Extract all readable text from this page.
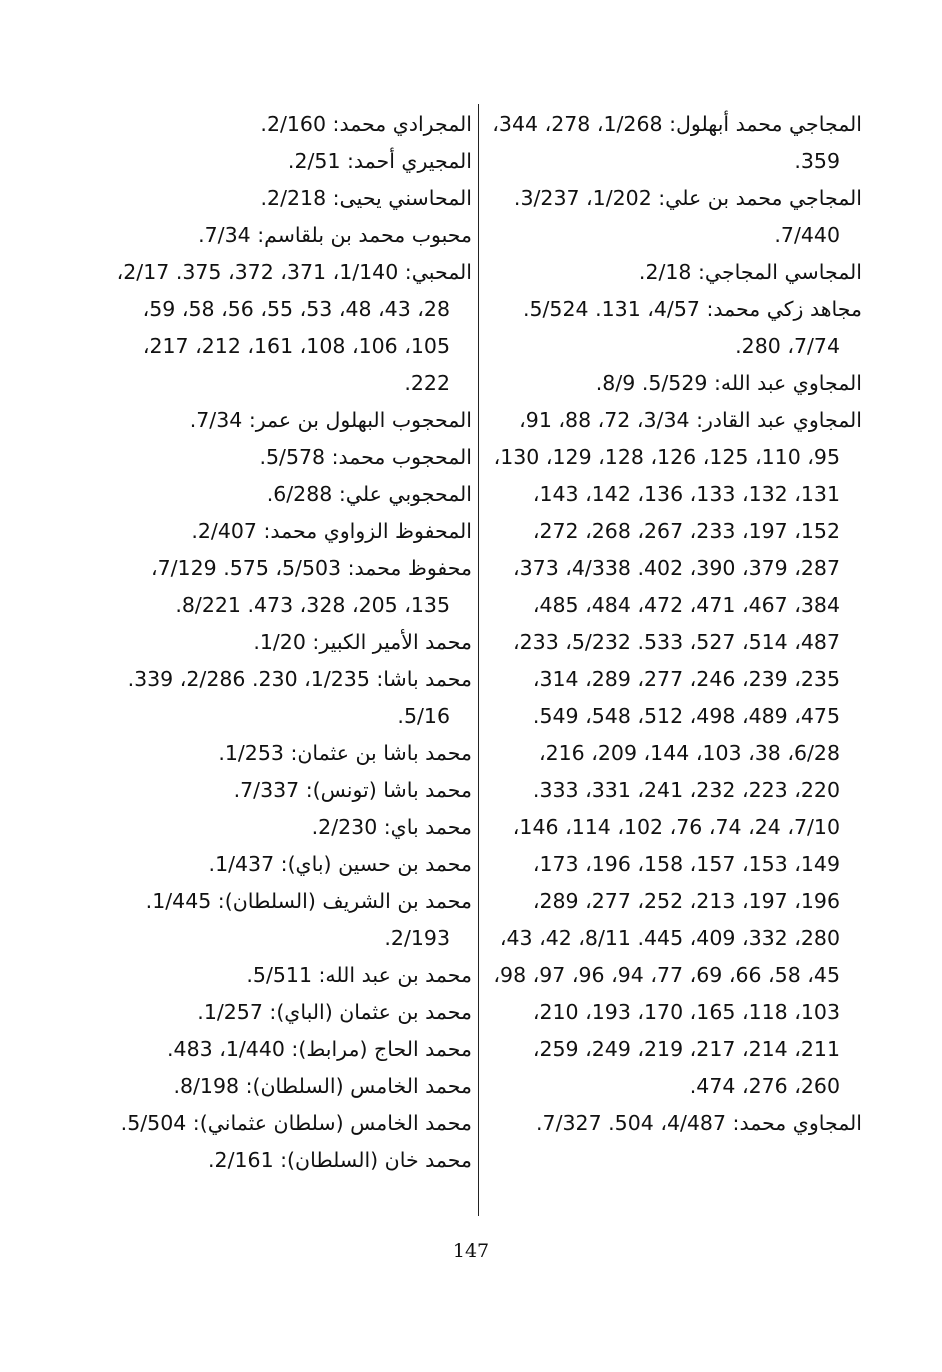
المجاجي محمد أبهلول: 1/268، 278، 344، 359.
المجاجي محمد بن علي: 1/202، 3/237. 7/440.
المجاسي المجاجي: 2/18.
مجاهد زكي محمد: 4/57، 131. 5/524. 7/74، 280.
المجاوي عبد الله: 5/529. 8/9.
المجاوي عبد القادر: 3/34، 72، 88، 91، 95، 110، 125، 126، 128، 129، 130، 131، 132، 133، 136، 142، 143، 152، 197، 233، 267، 268، 272، 287، 379، 390، 402. 4/338، 373، 384، 467، 471، 472، 484، 485، 487، 514، 527، 533. 5/232، 233، 235، 239، 246، 277، 289، 314، 475، 489، 498، 512، 548، 549. 6/28، 38، 103، 144، 209، 216، 220، 223، 232، 241، 331، 333. 7/10، 24، 74، 76، 102، 114، 146، 149، 153، 157، 158، 196، 173، 196، 197، 213، 252، 277، 289، 280، 332، 409، 445. 8/11، 42، 43، 45، 58، 66، 69، 77، 94، 96، 97، 98، 103، 118، 165، 170، 193، 210، 211، 214، 217، 219، 249، 259، 260، 276، 474.
المجاوي محمد: 4/487، 504. 7/327.
المجرادي محمد: 2/160.
المجيري أحمد: 2/51.
المحاسني يحيى: 2/218.
محبوب محمد بن بلقاسم: 7/34.
المحبي: 1/140، 371، 372، 375. 2/17، 28، 43، 48، 53، 55، 56، 58، 59، 105، 106، 108، 161، 212، 217، 222.
المحجوب البهلول بن عمر: 7/34.
المحجوب محمد: 5/578.
المحجوبي علي: 6/288.
المحفوظ الزواوي محمد: 2/407.
محفوظ محمد: 5/503، 575. 7/129، 135، 205، 328، 473. 8/221.
محمد الأمير الكبير: 1/20.
محمد باشا: 1/235، 230. 2/286، 339. 5/16.
محمد باشا بن عثمان: 1/253.
محمد باشا (تونس): 7/337.
محمد باي: 2/230.
محمد بن حسين (باي): 1/437.
محمد بن الشريف (السلطان): 1/445. 2/193.
محمد بن عبد الله: 5/511.
محمد بن عثمان (الباي): 1/257.
محمد الحاج (مرابط): 1/440، 483.
محمد الخامس (السلطان): 8/198.
محمد الخامس (سلطان عثماني): 5/504.
محمد خان (السلطان): 2/161.
147
